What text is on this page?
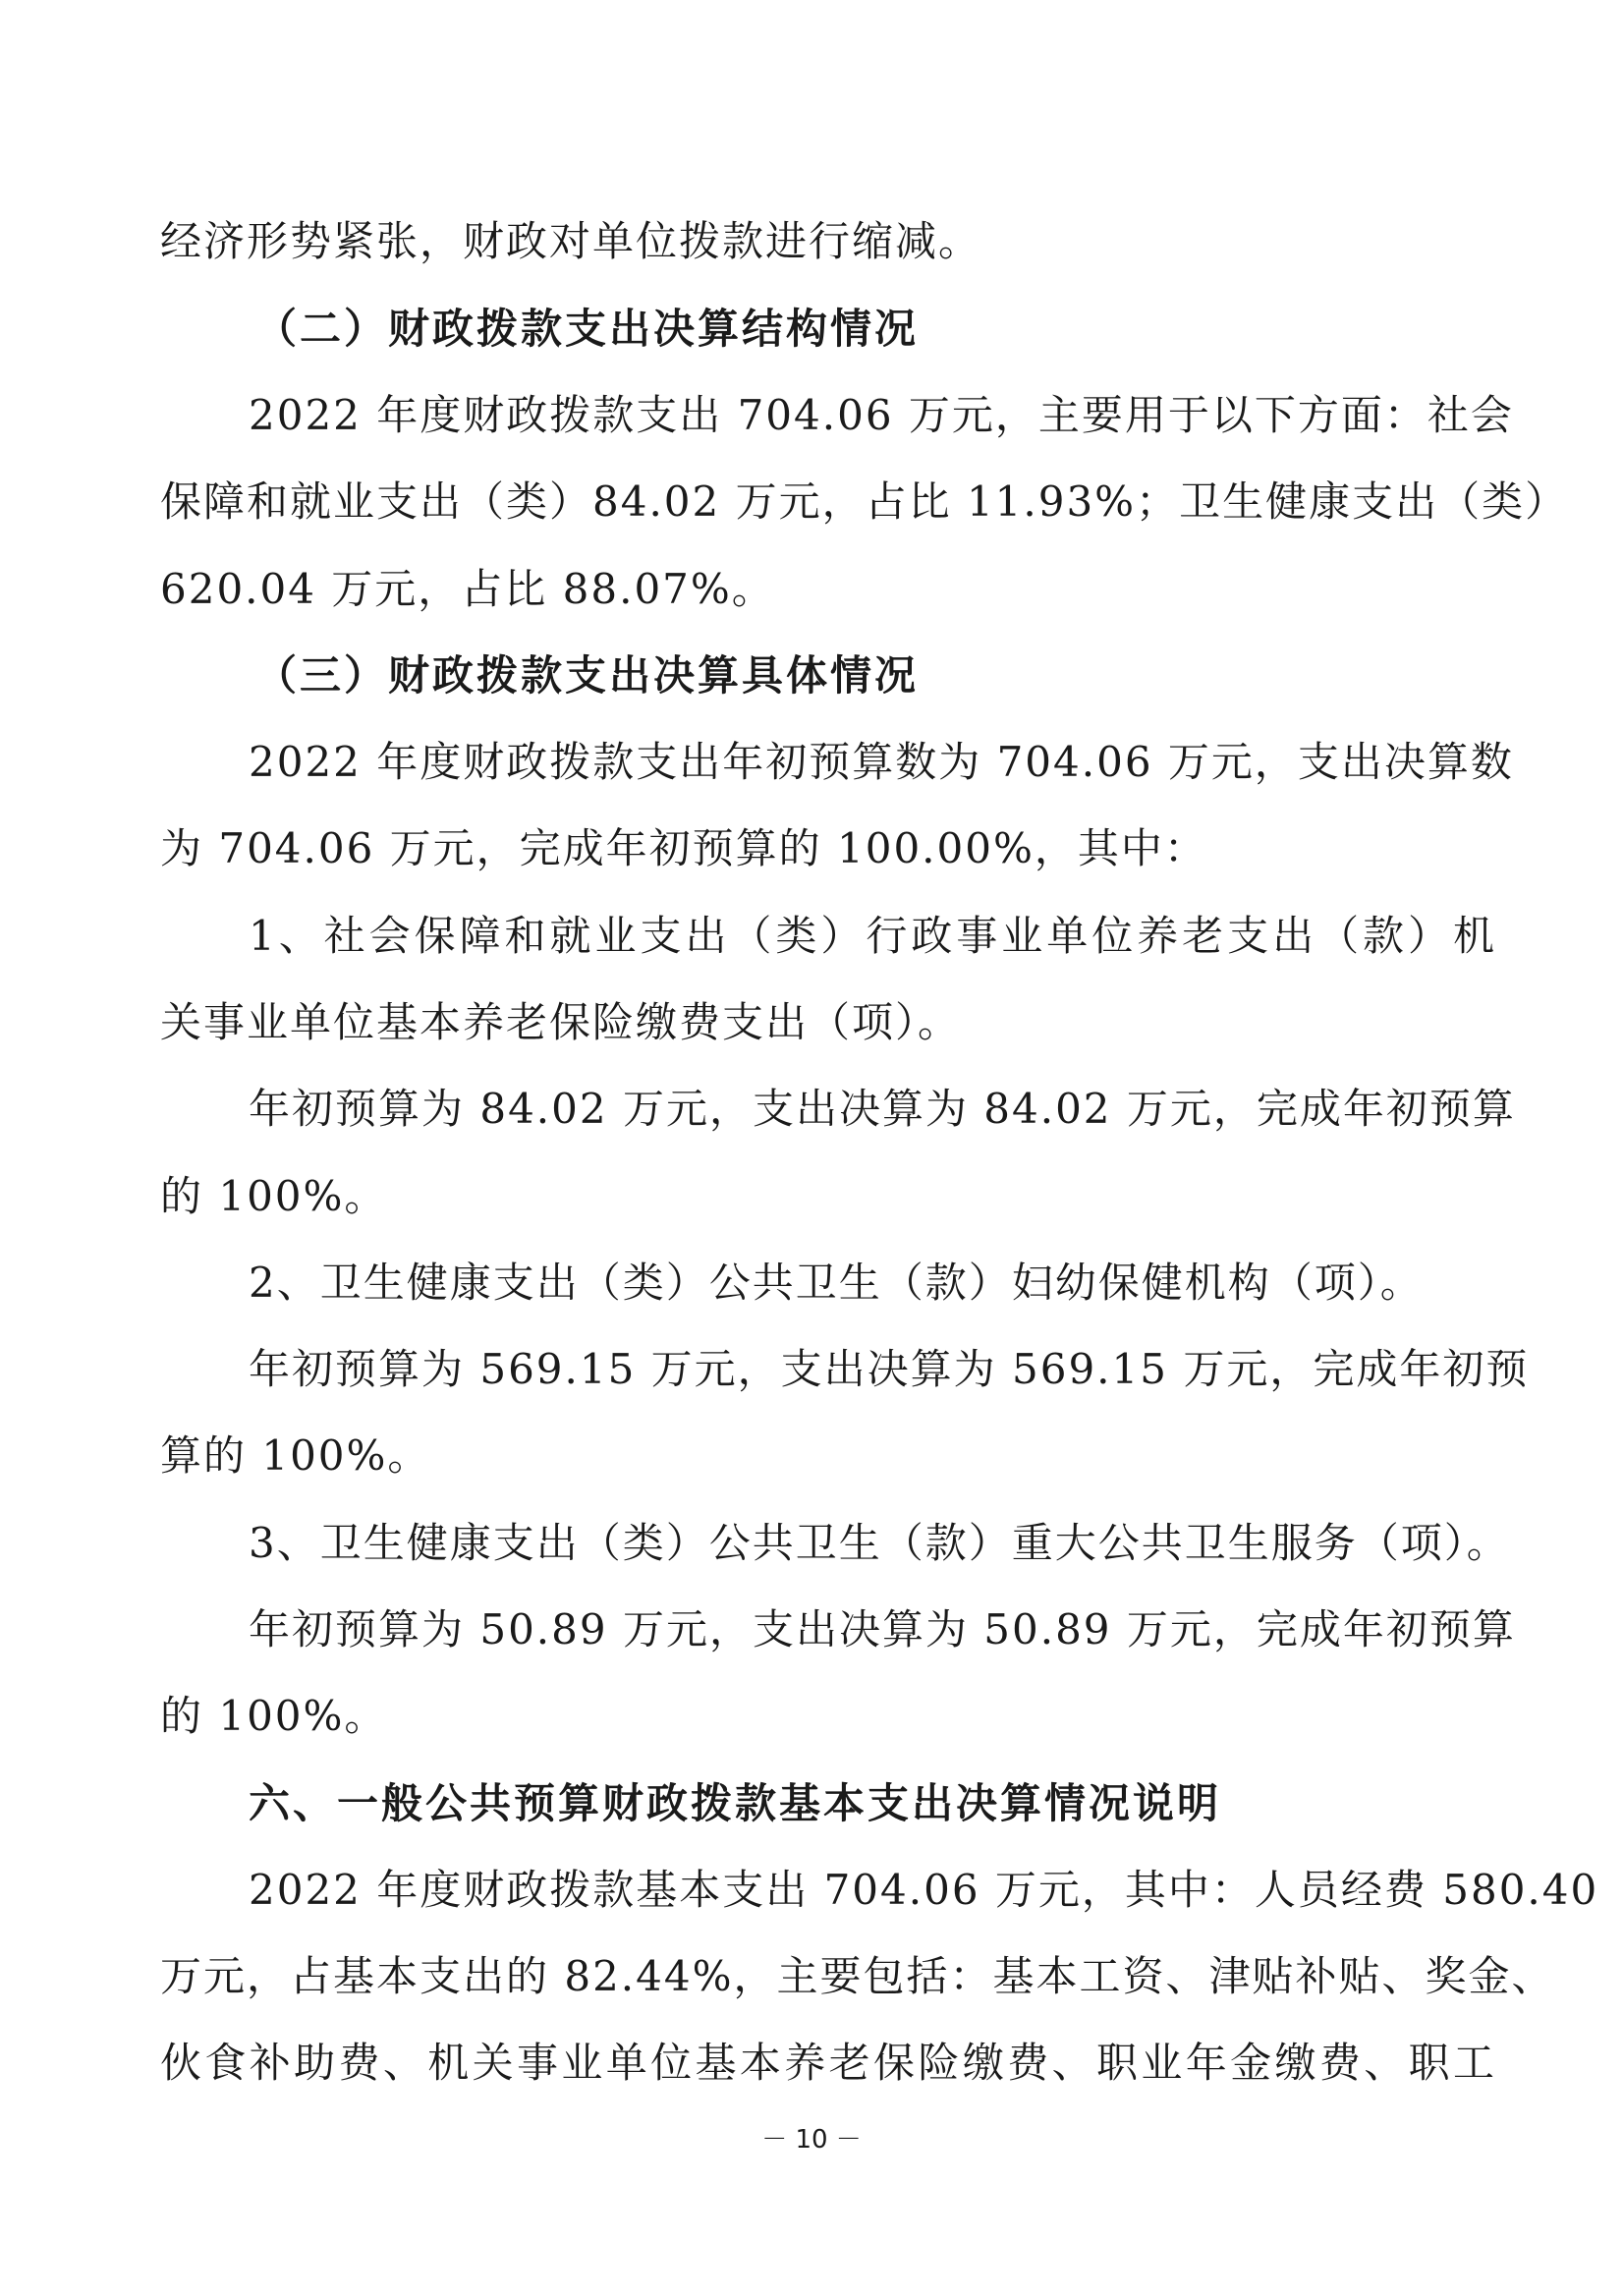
经济形势紧张，财政对单位拨款进行缩减。
（二）财政拨款支出决算结构情况
2022 年度财政拨款支出 704.06 万元，主要用于以下方面：社会
保障和就业支出（类）84.02 万元，占比 11.93%；卫生健康支出（类）
620.04 万元，占比 88.07%。
（三）财政拨款支出决算具体情况
2022 年度财政拨款支出年初预算数为 704.06 万元，支出决算数
为 704.06 万元，完成年初预算的 100.00%，其中：
1、社会保障和就业支出（类）行政事业单位养老支出（款）机
关事业单位基本养老保险缴费支出（项）。
年初预算为 84.02 万元，支出决算为 84.02 万元，完成年初预算
的 100%。
2、卫生健康支出（类）公共卫生（款）妇幼保健机构（项）。
年初预算为 569.15 万元，支出决算为 569.15 万元，完成年初预
算的 100%。
3、卫生健康支出（类）公共卫生（款）重大公共卫生服务（项）。
年初预算为 50.89 万元，支出决算为 50.89 万元，完成年初预算
的 100%。
六、一般公共预算财政拨款基本支出决算情况说明
2022 年度财政拨款基本支出 704.06 万元，其中：人员经费 580.40
万元，占基本支出的 82.44%，主要包括：基本工资、津贴补贴、奖金、
伙食补助费、机关事业单位基本养老保险缴费、职业年金缴费、职工
－ 10 －
